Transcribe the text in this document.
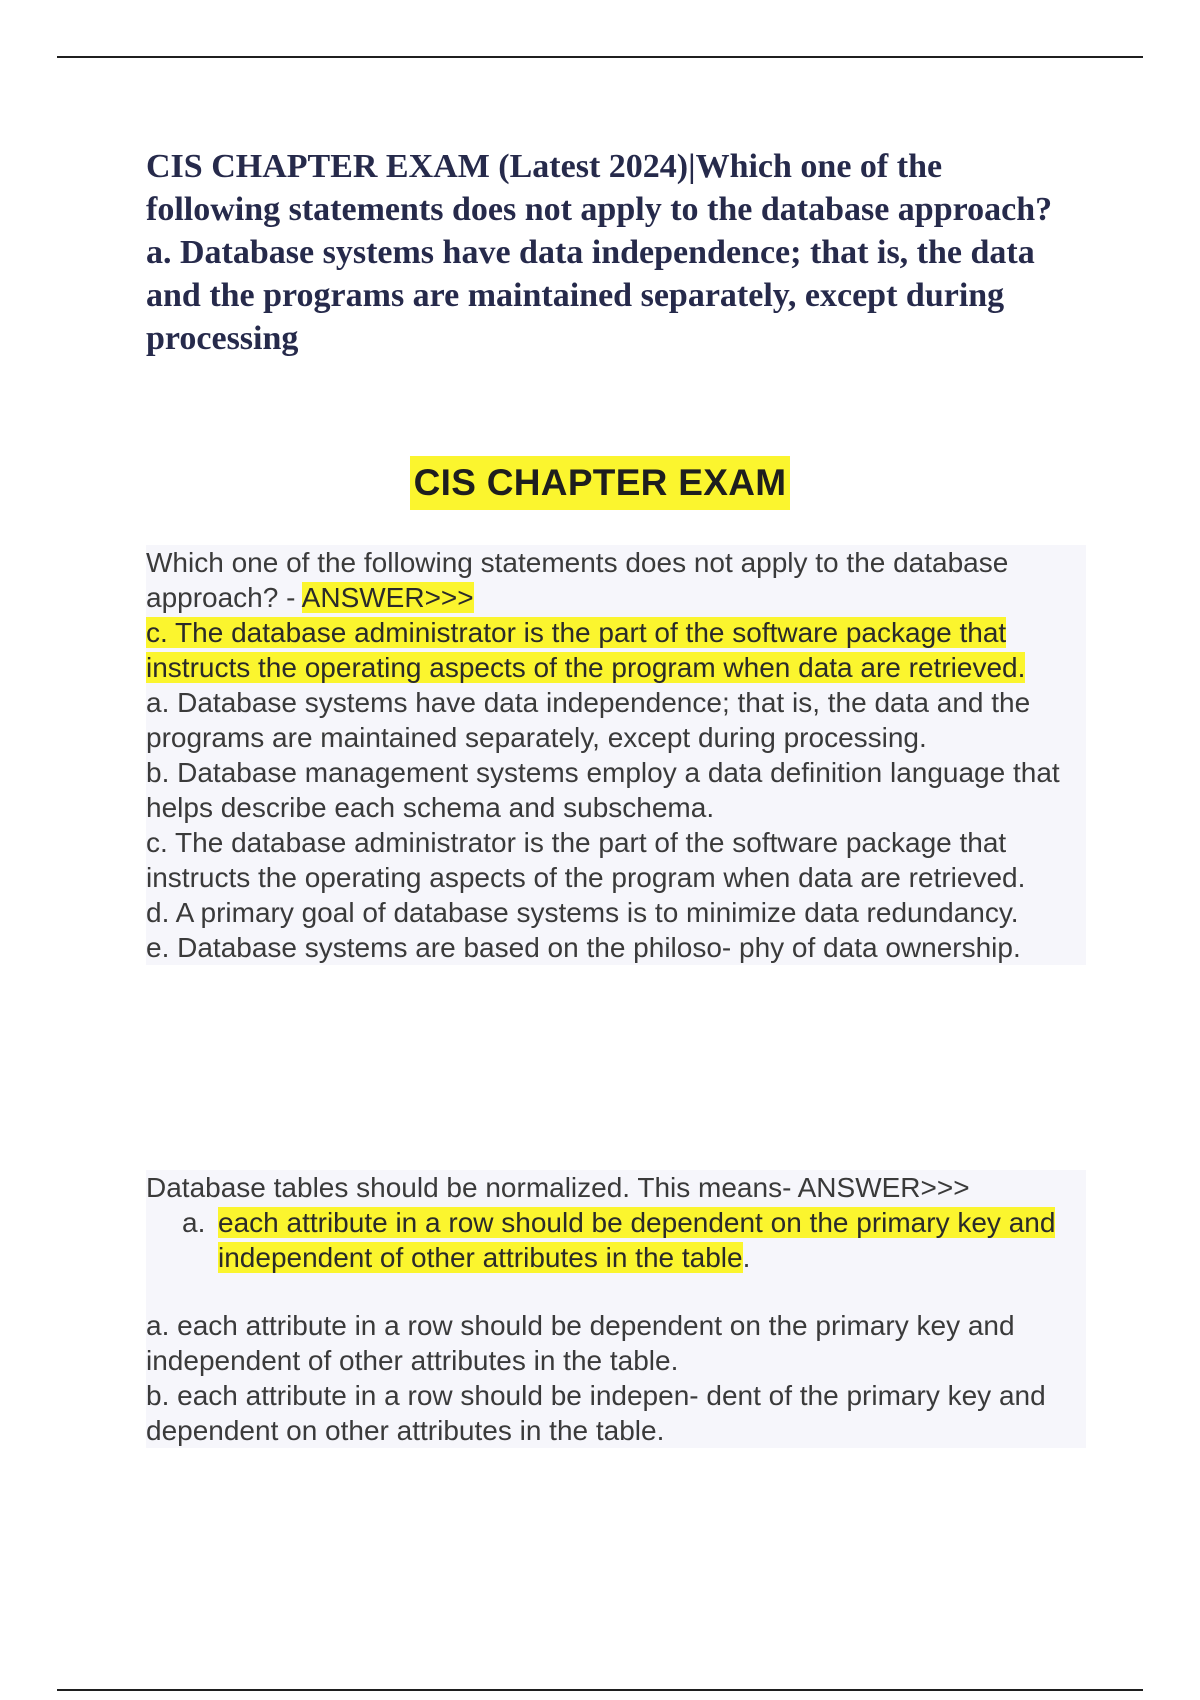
CIS CHAPTER EXAM (Latest 2024)|Which one of the following statements does not apply to the database approach? a. Database systems have data independence; that is, the data and the programs are maintained separately, except during processing
CIS CHAPTER EXAM

Which one of the following statements does not apply to the database approach? - ANSWER>>>

c. The database administrator is the part of the software package that instructs the operating aspects of the program when data are retrieved.

a. Database systems have data independence; that is, the data and the programs are maintained separately, except during processing.

b. Database management systems employ a data definition language that helps describe each schema and subschema.

c. The database administrator is the part of the software package that instructs the operating aspects of the program when data are retrieved.

d. A primary goal of database systems is to minimize data redundancy.

e. Database systems are based on the philoso- phy of data ownership.

Database tables should be normalized. This means- ANSWER>>>

a. each attribute in a row should be dependent on the primary key and independent of other attributes in the table.

a. each attribute in a row should be dependent on the primary key and independent of other attributes in the table.

b. each attribute in a row should be indepen- dent of the primary key and dependent on other attributes in the table.
